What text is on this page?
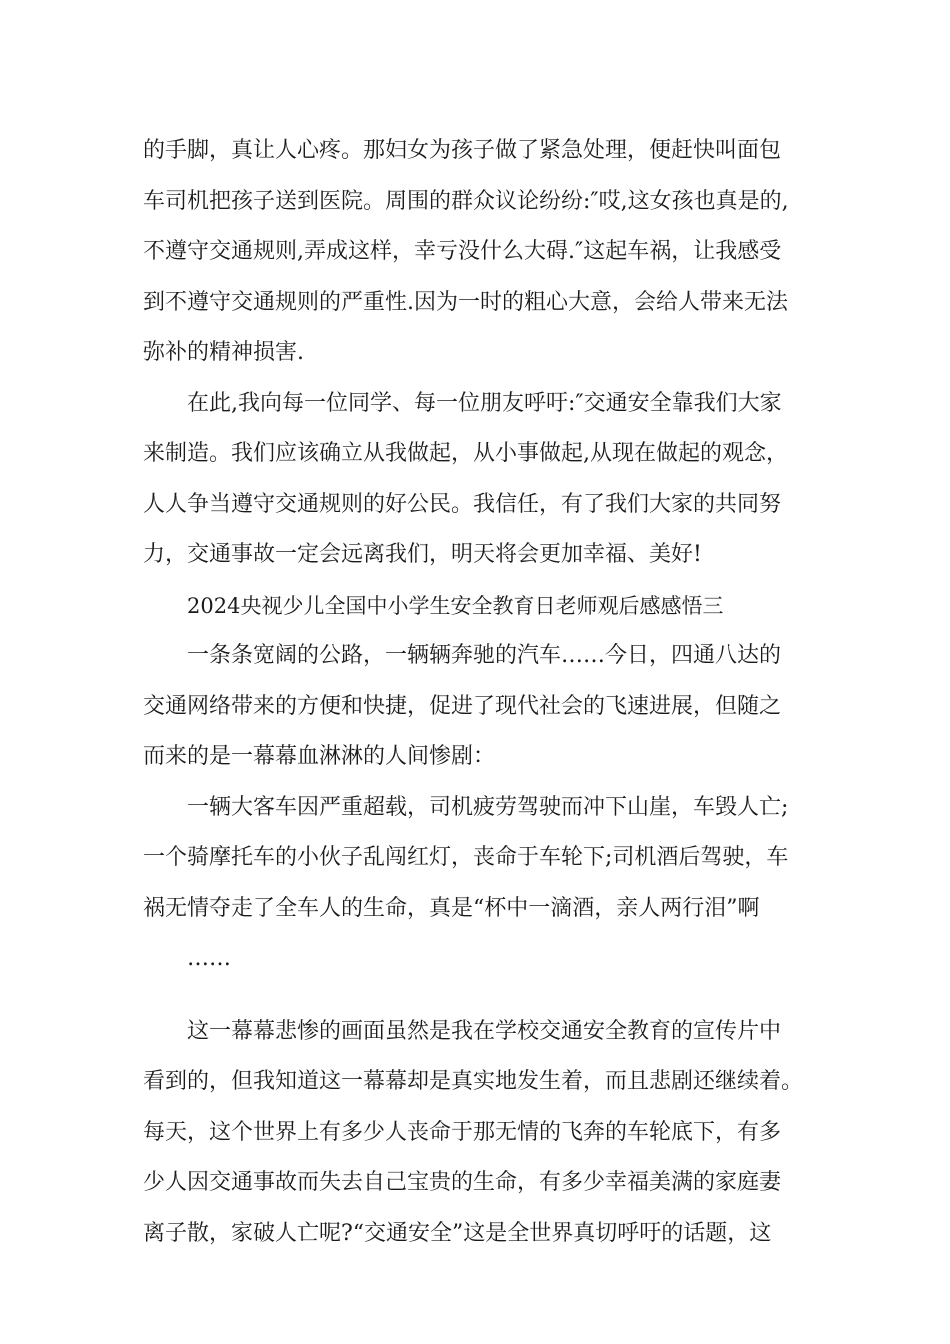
的手脚，真让人心疼。那妇女为孩子做了紧急处理，便赶快叫面包
车司机把孩子送到医院。周围的群众议论纷纷:″哎,这女孩也真是的,
不遵守交通规则,弄成这样，幸亏没什么大碍.″这起车祸，让我感受
到不遵守交通规则的严重性.因为一时的粗心大意，会给人带来无法
弥补的精神损害.

在此,我向每一位同学、每一位朋友呼吁:″交通安全靠我们大家
来制造。我们应该确立从我做起，从小事做起,从现在做起的观念，
人人争当遵守交通规则的好公民。我信任，有了我们大家的共同努
力，交通事故一定会远离我们，明天将会更加幸福、美好!

2024央视少儿全国中小学生安全教育日老师观后感感悟三

一条条宽阔的公路，一辆辆奔驰的汽车……今日，四通八达的
交通网络带来的方便和快捷，促进了现代社会的飞速进展，但随之
而来的是一幕幕血淋淋的人间惨剧：

一辆大客车因严重超载，司机疲劳驾驶而冲下山崖，车毁人亡;
一个骑摩托车的小伙子乱闯红灯，丧命于车轮下;司机酒后驾驶，车
祸无情夺走了全车人的生命，真是“杯中一滴酒，亲人两行泪”啊
……

这一幕幕悲惨的画面虽然是我在学校交通安全教育的宣传片中
看到的，但我知道这一幕幕却是真实地发生着，而且悲剧还继续着。
每天，这个世界上有多少人丧命于那无情的飞奔的车轮底下，有多
少人因交通事故而失去自己宝贵的生命，有多少幸福美满的家庭妻
离子散，家破人亡呢?“交通安全”这是全世界真切呼吁的话题，这
